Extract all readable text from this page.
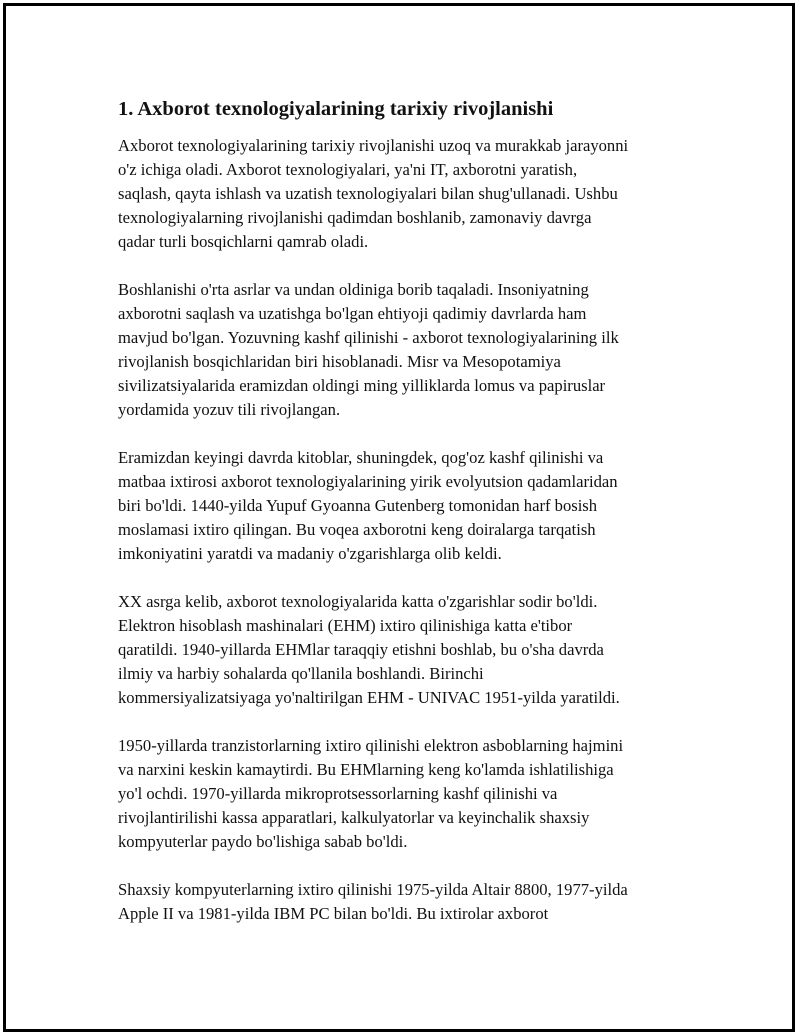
1. Axborot texnologiyalarining tarixiy rivojlanishi

Axborot texnologiyalarining tarixiy rivojlanishi uzoq va murakkab jarayonni
o'z ichiga oladi. Axborot texnologiyalari, ya'ni IT, axborotni yaratish,
saqlash, qayta ishlash va uzatish texnologiyalari bilan shug'ullanadi. Ushbu
texnologiyalarning rivojlanishi qadimdan boshlanib, zamonaviy davrga
qadar turli bosqichlarni qamrab oladi.

Boshlanishi o'rta asrlar va undan oldiniga borib taqaladi. Insoniyatning
axborotni saqlash va uzatishga bo'lgan ehtiyoji qadimiy davrlarda ham
mavjud bo'lgan. Yozuvning kashf qilinishi - axborot texnologiyalarining ilk
rivojlanish bosqichlaridan biri hisoblanadi. Misr va Mesopotamiya
sivilizatsiyalarida eramizdan oldingi ming yilliklarda lomus va papiruslar
yordamida yozuv tili rivojlangan.

Eramizdan keyingi davrda kitoblar, shuningdek, qog'oz kashf qilinishi va
matbaa ixtirosi axborot texnologiyalarining yirik evolyutsion qadamlaridan
biri bo'ldi. 1440-yilda Yupuf Gyoanna Gutenberg tomonidan harf bosish
moslamasi ixtiro qilingan. Bu voqea axborotni keng doiralarga tarqatish
imkoniyatini yaratdi va madaniy o'zgarishlarga olib keldi.

XX asrga kelib, axborot texnologiyalarida katta o'zgarishlar sodir bo'ldi.
Elektron hisoblash mashinalari (EHM) ixtiro qilinishiga katta e'tibor
qaratildi. 1940-yillarda EHMlar taraqqiy etishni boshlab, bu o'sha davrda
ilmiy va harbiy sohalarda qo'llanila boshlandi. Birinchi
kommersiyalizatsiyaga yo'naltirilgan EHM - UNIVAC 1951-yilda yaratildi.

1950-yillarda tranzistorlarning ixtiro qilinishi elektron asboblarning hajmini
va narxini keskin kamaytirdi. Bu EHMlarning keng ko'lamda ishlatilishiga
yo'l ochdi. 1970-yillarda mikroprotsessorlarning kashf qilinishi va
rivojlantirilishi kassa apparatlari, kalkulyatorlar va keyinchalik shaxsiy
kompyuterlar paydo bo'lishiga sabab bo'ldi.

Shaxsiy kompyuterlarning ixtiro qilinishi 1975-yilda Altair 8800, 1977-yilda
Apple II va 1981-yilda IBM PC bilan bo'ldi. Bu ixtirolar axborot
